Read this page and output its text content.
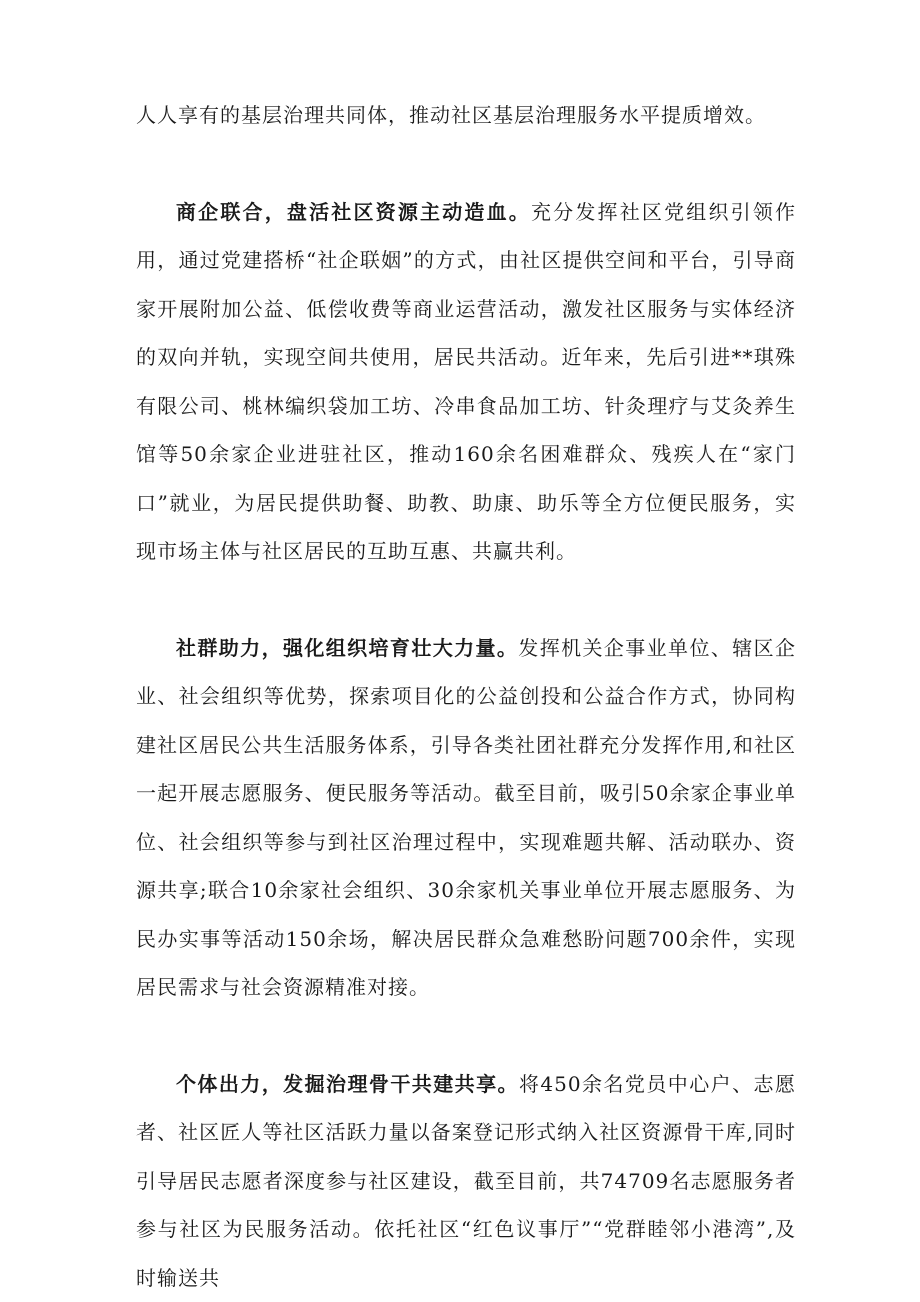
人人享有的基层治理共同体，推动社区基层治理服务水平提质增效。

商企联合，盘活社区资源主动造血。充分发挥社区党组织引领作用，通过党建搭桥“社企联姻”的方式，由社区提供空间和平台，引导商家开展附加公益、低偿收费等商业运营活动，激发社区服务与实体经济的双向并轨，实现空间共使用，居民共活动。近年来，先后引进**琪殊有限公司、桃林编织袋加工坊、冷串食品加工坊、针灸理疗与艾灸养生馆等50余家企业进驻社区，推动160余名困难群众、残疾人在“家门口”就业，为居民提供助餐、助教、助康、助乐等全方位便民服务，实现市场主体与社区居民的互助互惠、共赢共利。

社群助力，强化组织培育壮大力量。发挥机关企事业单位、辖区企业、社会组织等优势，探索项目化的公益创投和公益合作方式，协同构建社区居民公共生活服务体系，引导各类社团社群充分发挥作用,和社区一起开展志愿服务、便民服务等活动。截至目前，吸引50余家企事业单位、社会组织等参与到社区治理过程中，实现难题共解、活动联办、资源共享;联合10余家社会组织、30余家机关事业单位开展志愿服务、为民办实事等活动150余场，解决居民群众急难愁盼问题700余件，实现居民需求与社会资源精准对接。

个体出力，发掘治理骨干共建共享。将450余名党员中心户、志愿者、社区匠人等社区活跃力量以备案登记形式纳入社区资源骨干库,同时引导居民志愿者深度参与社区建设，截至目前，共74709名志愿服务者参与社区为民服务活动。依托社区“红色议事厅”“党群睦邻小港湾”,及时输送共
